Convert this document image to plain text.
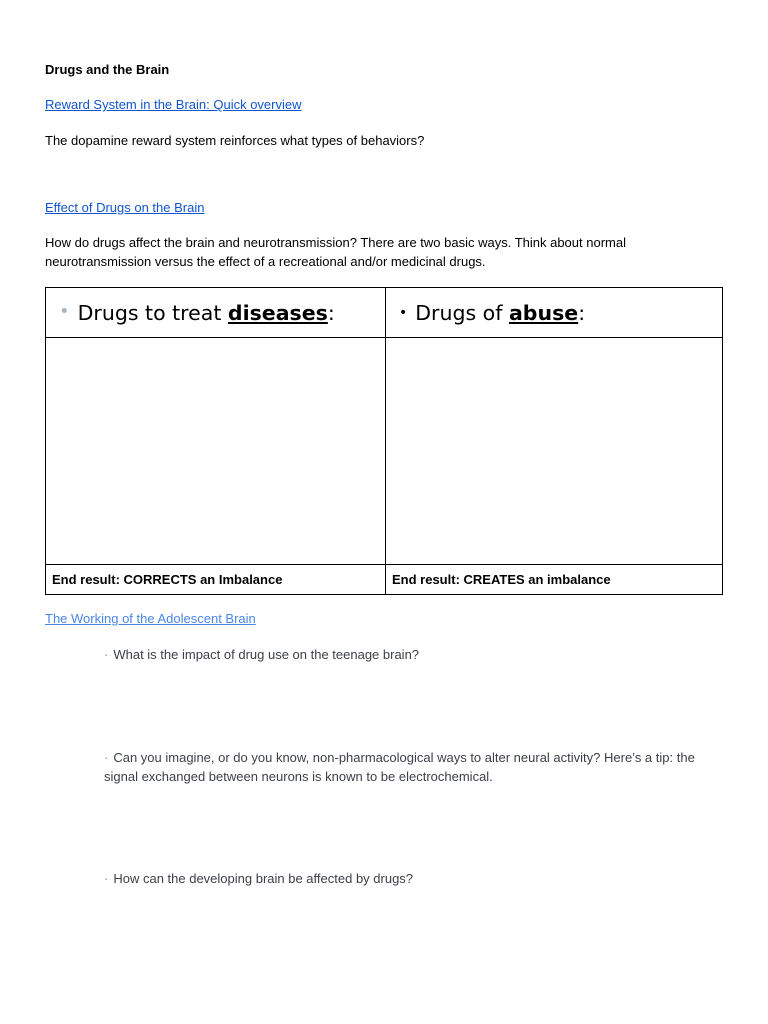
Drugs and the Brain
Reward System in the Brain: Quick overview
The dopamine reward system reinforces what types of behaviors?
Effect of Drugs on the Brain
How do drugs affect the brain and neurotransmission? There are two basic ways. Think about normal neurotransmission versus the effect of a recreational and/or medicinal drugs.
• Drugs to treat diseases :	• Drugs of abuse :
End result: CORRECTS an Imbalance	End result: CREATES an imbalance
The Working of the Adolescent Brain
· What is the impact of drug use on the teenage brain?
· Can you imagine, or do you know, non-pharmacological ways to alter neural activity? Here’s a tip: the signal exchanged between neurons is known to be electrochemical.
· How can the developing brain be affected by drugs?
